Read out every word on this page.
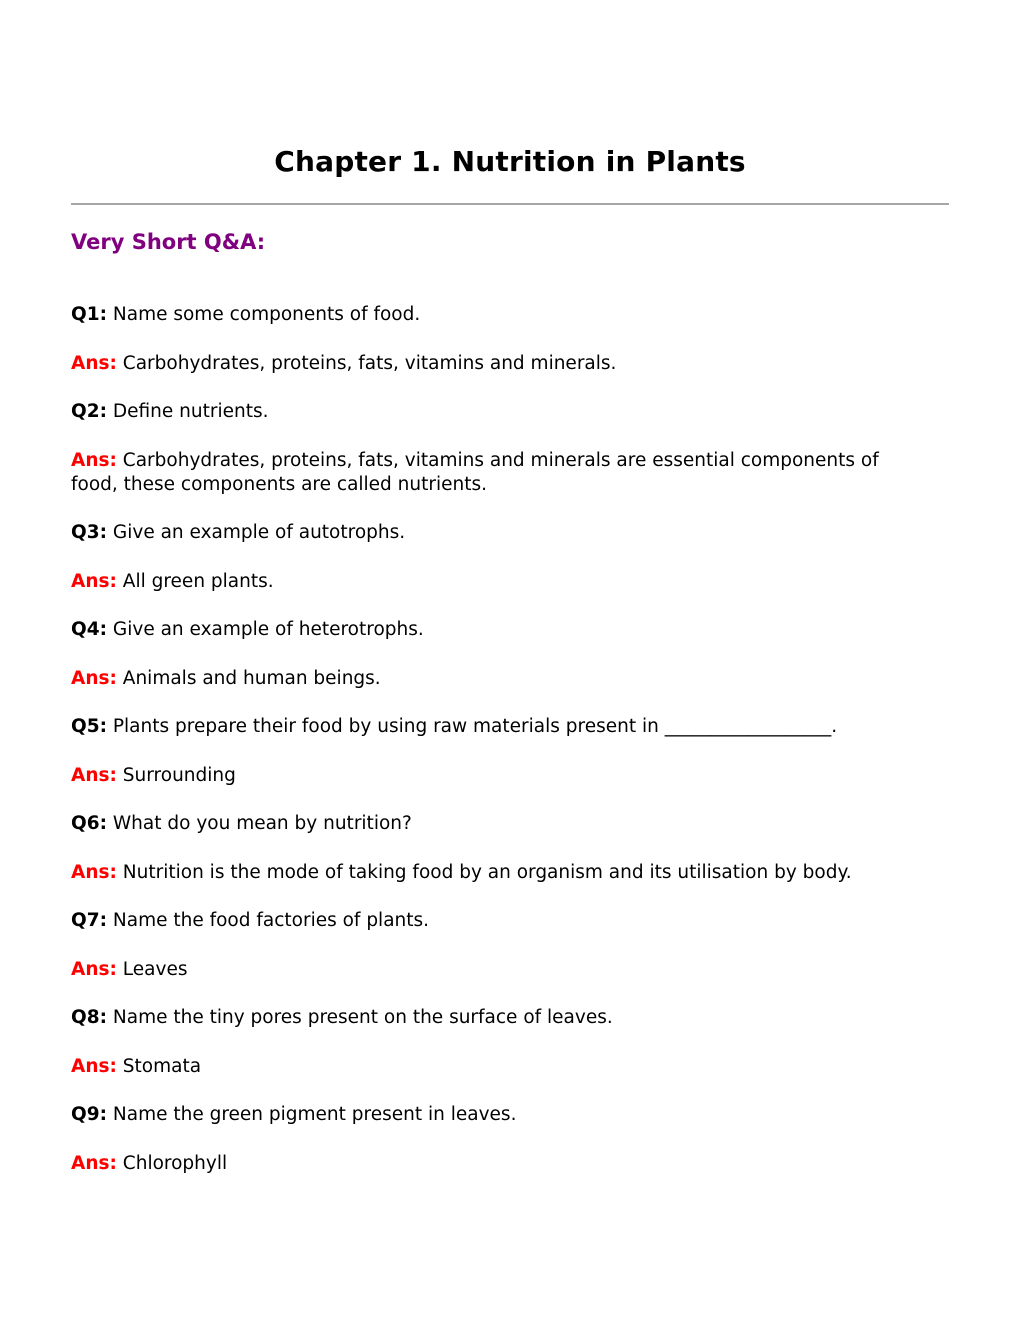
Chapter 1. Nutrition in Plants
Very Short Q&A:
Q1: Name some components of food.
Ans: Carbohydrates, proteins, fats, vitamins and minerals.
Q2: Define nutrients.
Ans: Carbohydrates, proteins, fats, vitamins and minerals are essential components of food, these components are called nutrients.
Q3: Give an example of autotrophs.
Ans: All green plants.
Q4: Give an example of heterotrophs.
Ans: Animals and human beings.
Q5: Plants prepare their food by using raw materials present in __________________.
Ans: Surrounding
Q6: What do you mean by nutrition?
Ans: Nutrition is the mode of taking food by an organism and its utilisation by body.
Q7: Name the food factories of plants.
Ans: Leaves
Q8: Name the tiny pores present on the surface of leaves.
Ans: Stomata
Q9: Name the green pigment present in leaves.
Ans: Chlorophyll
